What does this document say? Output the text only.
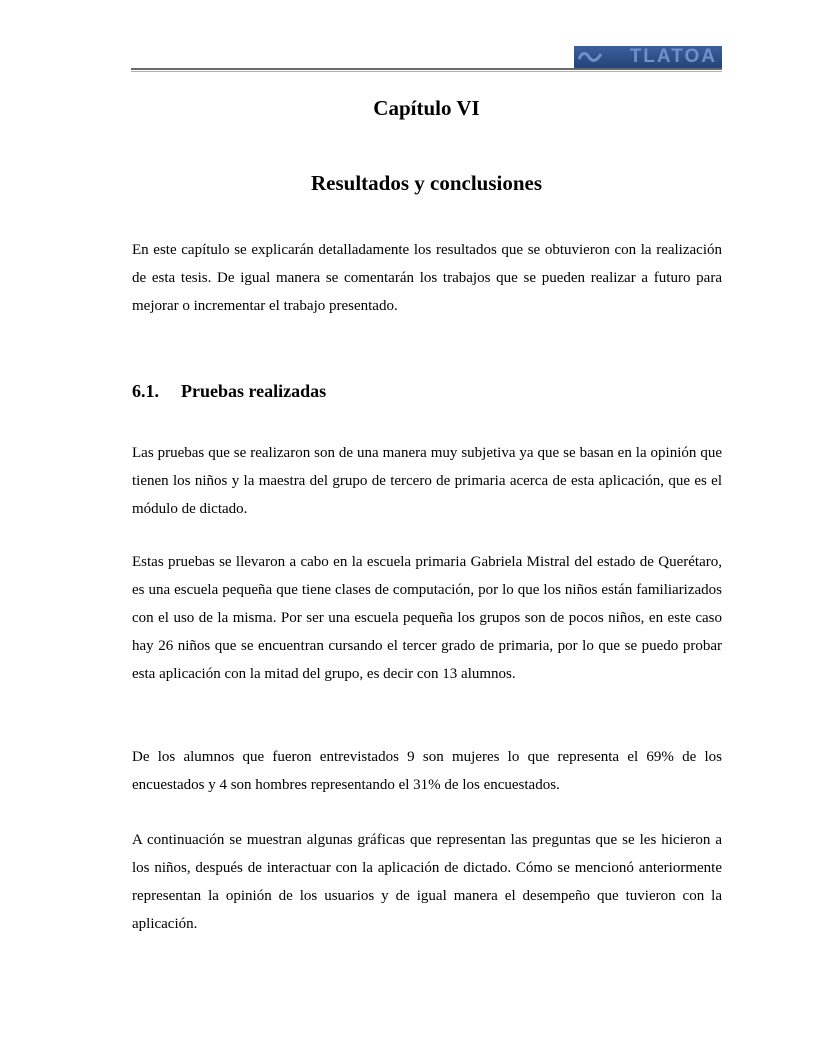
TLATOA
Capítulo VI
Resultados y conclusiones

En este capítulo se explicarán detalladamente los resultados que se obtuvieron con la realización de esta tesis. De igual manera se comentarán los trabajos que se pueden realizar a futuro para mejorar o incrementar el trabajo presentado.

6.1. Pruebas realizadas

Las pruebas que se realizaron son de una manera muy subjetiva ya que se basan en la opinión que tienen los niños y la maestra del grupo de tercero de primaria acerca de esta aplicación, que es el módulo de dictado.

Estas pruebas se llevaron a cabo en la escuela primaria Gabriela Mistral del estado de Querétaro, es una escuela pequeña que tiene clases de computación, por lo que los niños están familiarizados con el uso de la misma. Por ser una escuela pequeña los grupos son de pocos niños, en este caso hay 26 niños que se encuentran cursando el tercer grado de primaria, por lo que se puedo probar esta aplicación con la mitad del grupo, es decir con 13 alumnos.

De los alumnos que fueron entrevistados 9 son mujeres lo que representa el 69% de los encuestados y 4 son hombres representando el 31% de los encuestados.

A continuación se muestran algunas gráficas que representan las preguntas que se les hicieron a los niños, después de interactuar con la aplicación de dictado. Cómo se mencionó anteriormente representan la opinión de los usuarios y de igual manera el desempeño que tuvieron con la aplicación.
